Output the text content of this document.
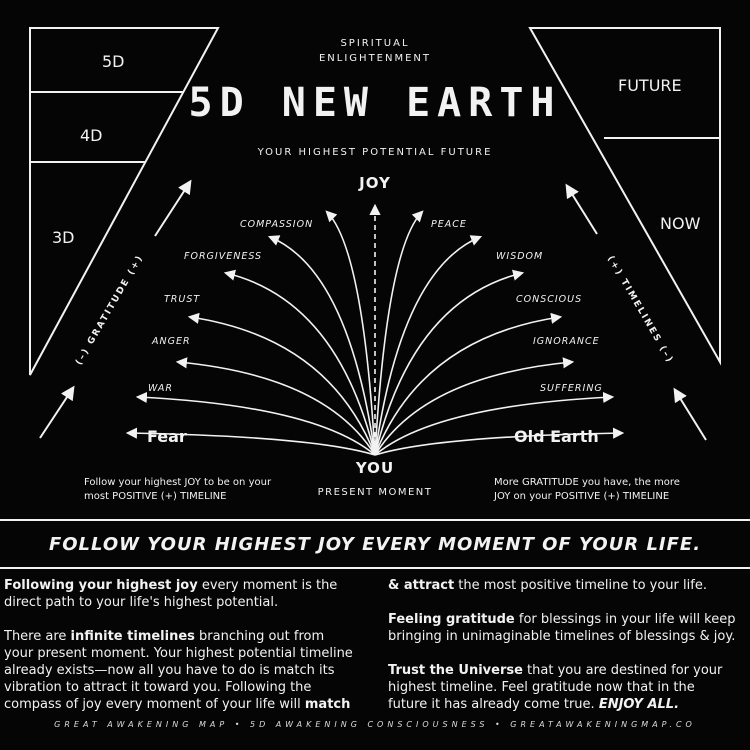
SPIRITUAL
ENLIGHTENMENT
5D NEW EARTH
YOUR HIGHEST POTENTIAL FUTURE
5D
4D
3D
FUTURE
NOW
(–) GRATITUDE (+)	(+) TIMELINES (–)
JOY
YOU
PRESENT MOMENT
Fear	Old Earth
WAR
ANGER
TRUST
FORGIVENESS
COMPASSION	PEACE
WISDOM
CONSCIOUS
IGNORANCE
SUFFERING
Follow your highest JOY to be on your
most POSITIVE (+) TIMELINE
More GRATITUDE you have, the more
JOY on your POSITIVE (+) TIMELINE
FOLLOW YOUR HIGHEST JOY EVERY MOMENT OF YOUR LIFE.

Following your highest joy every moment is the direct path to your life's highest potential.

There are infinite timelines branching out from your present moment. Your highest potential timeline already exists—now all you have to do is match its vibration to attract it toward you. Following the compass of joy every moment of your life will match

& attract the most positive timeline to your life.

Feeling gratitude for blessings in your life will keep bringing in unimaginable timelines of blessings & joy.

Trust the Universe that you are destined for your highest timeline. Feel gratitude now that in the future it has already come true. ENJOY ALL.

GREAT AWAKENING MAP • 5D AWAKENING CONSCIOUSNESS • GREATAWAKENINGMAP.CO
